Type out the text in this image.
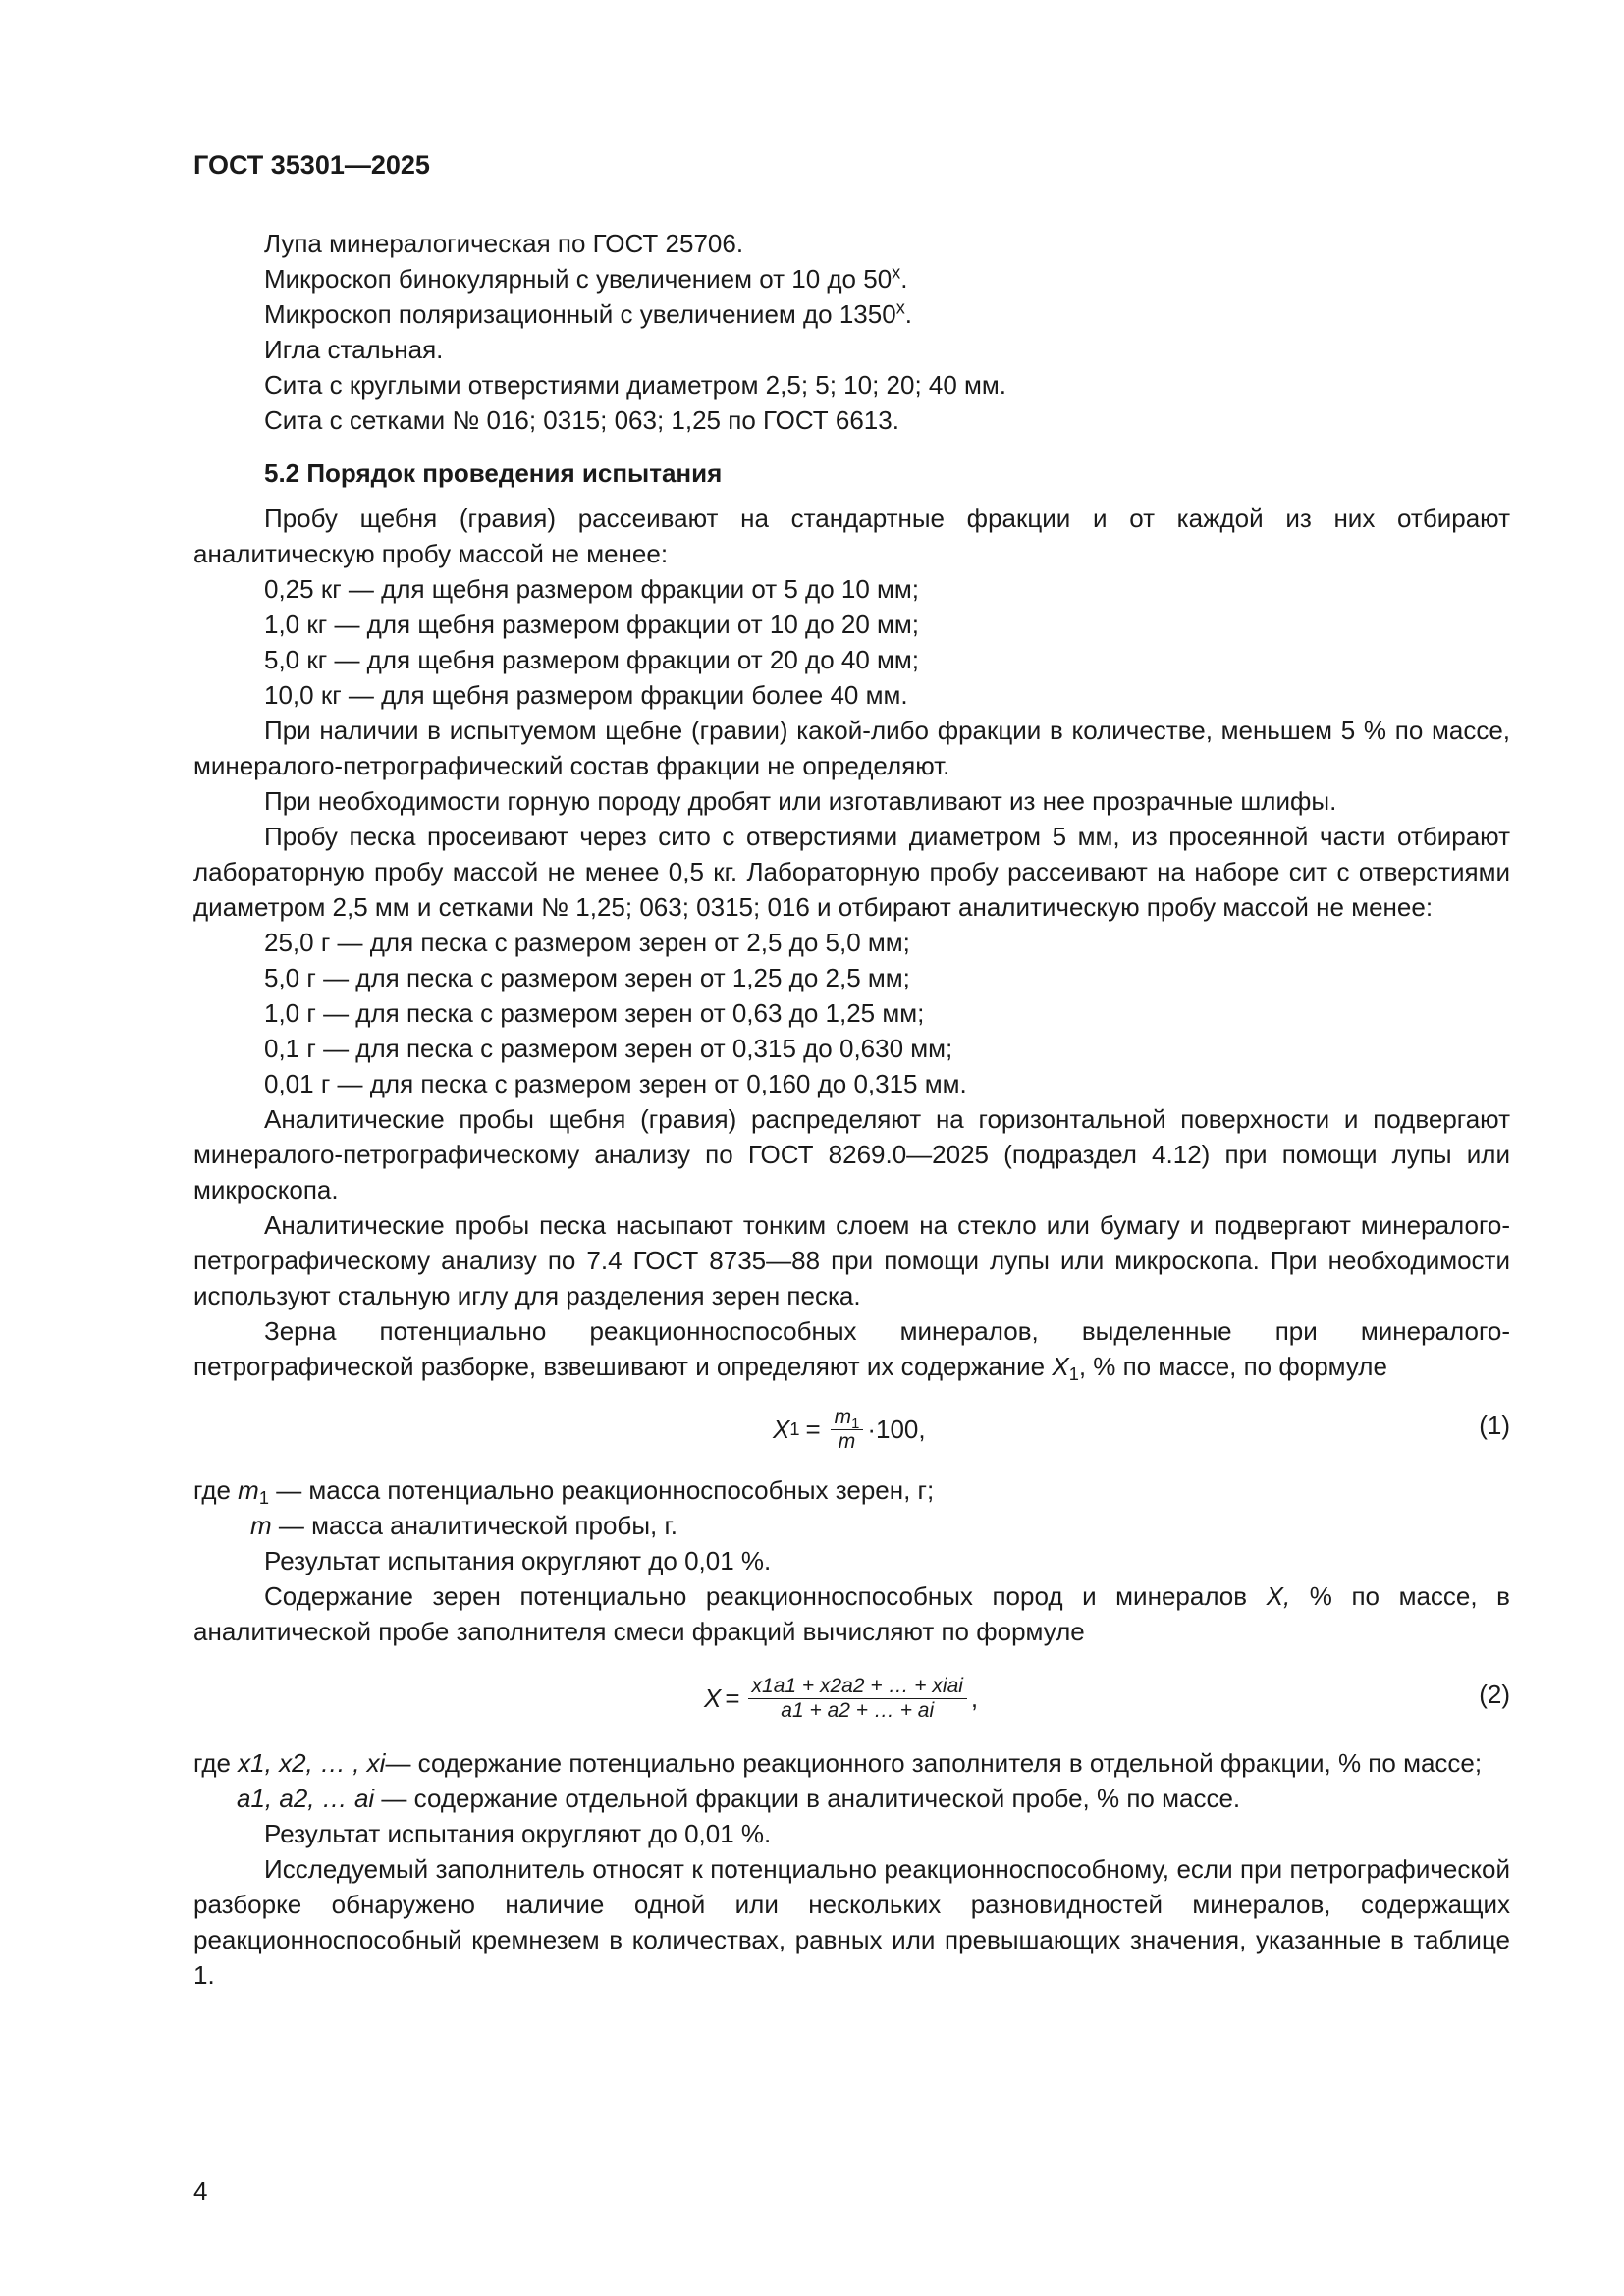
ГОСТ 35301—2025
Лупа минералогическая по ГОСТ 25706.
Микроскоп бинокулярный с увеличением от 10 до 50$^x$.
Микроскоп поляризационный с увеличением до 1350$^x$.
Игла стальная.
Сита с круглыми отверстиями диаметром 2,5; 5; 10; 20; 40 мм.
Сита с сетками № 016; 0315; 063; 1,25 по ГОСТ 6613.
5.2 Порядок проведения испытания

Пробу щебня (гравия) рассеивают на стандартные фракции и от каждой из них отбирают аналитическую пробу массой не менее:

0,25 кг — для щебня размером фракции от 5 до 10 мм;
1,0 кг — для щебня размером фракции от 10 до 20 мм;
5,0 кг — для щебня размером фракции от 20 до 40 мм;
10,0 кг — для щебня размером фракции более 40 мм.

При наличии в испытуемом щебне (гравии) какой-либо фракции в количестве, меньшем 5 % по массе, минералого-петрографический состав фракции не определяют.

При необходимости горную породу дробят или изготавливают из нее прозрачные шлифы.

Пробу песка просеивают через сито с отверстиями диаметром 5 мм, из просеянной части отбирают лабораторную пробу массой не менее 0,5 кг. Лабораторную пробу рассеивают на наборе сит с отверстиями диаметром 2,5 мм и сетками № 1,25; 063; 0315; 016 и отбирают аналитическую пробу массой не менее:

25,0 г — для песка с размером зерен от 2,5 до 5,0 мм;
5,0 г — для песка с размером зерен от 1,25 до 2,5 мм;
1,0 г — для песка с размером зерен от 0,63 до 1,25 мм;
0,1 г — для песка с размером зерен от 0,315 до 0,630 мм;
0,01 г — для песка с размером зерен от 0,160 до 0,315 мм.

Аналитические пробы щебня (гравия) распределяют на горизонтальной поверхности и подвергают минералого-петрографическому анализу по ГОСТ 8269.0—2025 (подраздел 4.12) при помощи лупы или микроскопа.

Аналитические пробы песка насыпают тонким слоем на стекло или бумагу и подвергают минералого-петрографическому анализу по 7.4 ГОСТ 8735—88 при помощи лупы или микроскопа. При необходимости используют стальную иглу для разделения зерен песка.

Зерна потенциально реакционноспособных минералов, выделенные при минералого-петрографической разборке, взвешивают и определяют их содержание $X_1$, % по массе, по формуле

X $1 = \frac{m_1}{m} \cdot 100$,	(1)
где $m_1$ — масса потенциально реакционноспособных зерен, г;
m — масса аналитической пробы, г.
Результат испытания округляют до 0,01 %.

Содержание зерен потенциально реакционноспособных пород и минералов X, % по массе, в аналитической пробе заполнителя смеси фракций вычисляют по формуле

$X = \frac{\text{x1a1 + x2a2 + … + xiai}}{a1 + a2 + \dots + ai}$ ,	(2)
где x1, x2, … , xi — содержание потенциально реакционного заполнителя в отдельной фракции, % по массе;
a1, a2, … ai — содержание отдельной фракции в аналитической пробе, % по массе.
Результат испытания округляют до 0,01 %.

Исследуемый заполнитель относят к потенциально реакционноспособному, если при петрографической разборке обнаружено наличие одной или нескольких разновидностей минералов, содержащих реакционноспособный кремнезем в количествах, равных или превышающих значения, указанные в таблице 1.

4
